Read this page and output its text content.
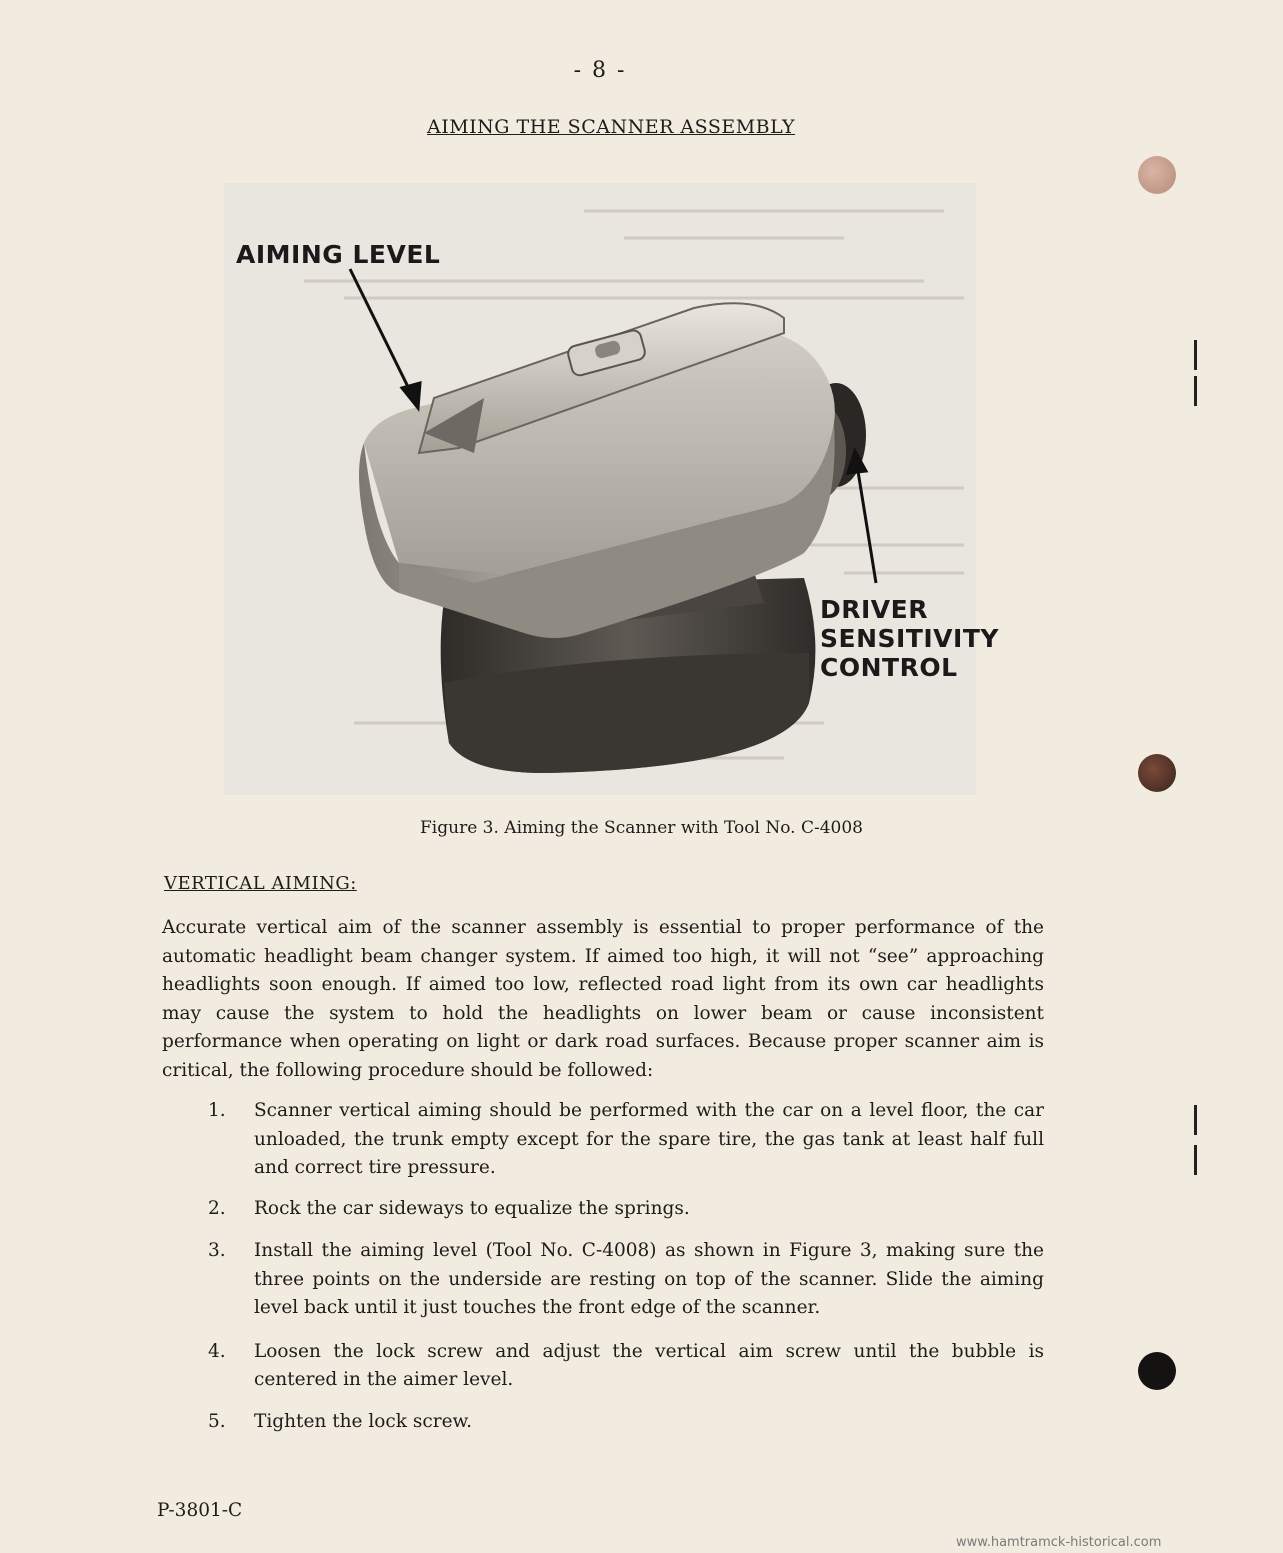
- 8 -
AIMING THE SCANNER ASSEMBLY
AIMING LEVEL
DRIVER
SENSITIVITY
CONTROL
Figure 3. Aiming the Scanner with Tool No. C-4008
VERTICAL AIMING:

Accurate vertical aim of the scanner assembly is essential to proper performance of the automatic headlight beam changer system. If aimed too high, it will not “see” approaching headlights soon enough. If aimed too low, reflected road light from its own car headlights may cause the system to hold the headlights on lower beam or cause inconsistent performance when operating on light or dark road surfaces. Because proper scanner aim is critical, the following procedure should be followed:

1. Scanner vertical aiming should be performed with the car on a level floor, the car unloaded, the trunk empty except for the spare tire, the gas tank at least half full and correct tire pressure.
2. Rock the car sideways to equalize the springs.
3. Install the aiming level (Tool No. C-4008) as shown in Figure 3, making sure the three points on the underside are resting on top of the scanner. Slide the aiming level back until it just touches the front edge of the scanner.
4. Loosen the lock screw and adjust the vertical aim screw until the bubble is centered in the aimer level.
5. Tighten the lock screw.
P-3801-C
www.hamtramck-historical.com
